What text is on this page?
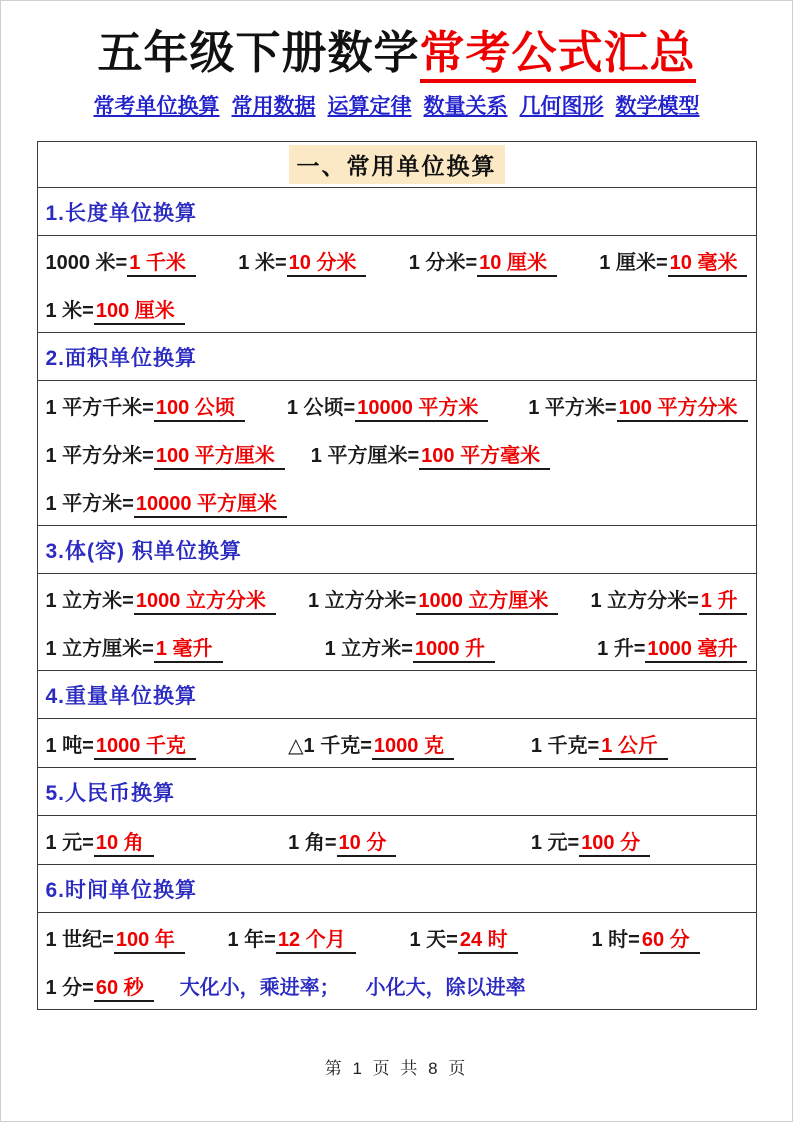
五年级下册数学常考公式汇总
常考单位换算 常用数据 运算定律 数量关系 几何图形 数学模型
一、常用单位换算
1.长度单位换算
1000 米= 1 千米	1 米= 10 分米	1 分米= 10 厘米	1 厘米= 10 毫米
1 米= 100 厘米
2.面积单位换算
1 平方千米= 100 公顷	1 公顷= 10000 平方米	1 平方米= 100 平方分米
1 平方分米= 100 平方厘米	1 平方厘米= 100 平方毫米
1 平方米= 10000 平方厘米
3.体(容) 积单位换算
1 立方米= 1000 立方分米	1 立方分米= 1000 立方厘米	1 立方分米= 1 升
1 立方厘米= 1 毫升	1 立方米= 1000 升	1 升= 1000 毫升
4.重量单位换算
1 吨= 1000 千克	△1 千克= 1000 克	1 千克= 1 公斤
5.人民币换算
1 元= 10 角	1 角= 10 分	1 元= 100 分
6.时间单位换算
1 世纪= 100 年	1 年= 12 个月	1 天= 24 时	1 时= 60 分
1 分= 60 秒	大化小，乘进率； 小化大，除以进率
第 1 页 共 8 页
